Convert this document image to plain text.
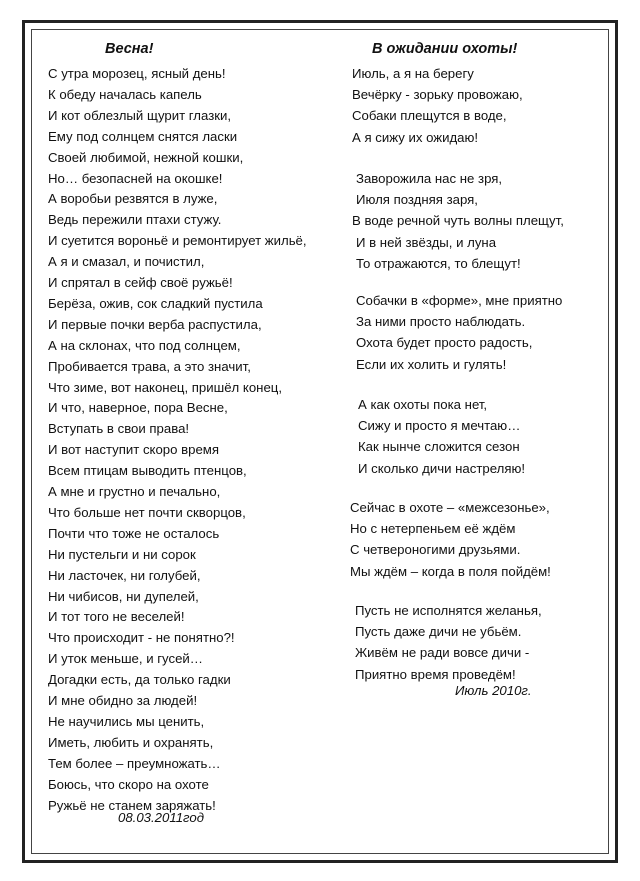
Весна!	В ожидании охоты!
С утра морозец, ясный день!
К обеду началась капель
И кот облезлый щурит глазки,
Ему под солнцем снятся ласки
Своей любимой, нежной кошки,
Но… безопасней на окошке!
А воробьи резвятся в луже,
Ведь пережили птахи стужу.
И суетится вороньё и ремонтирует жильё,
А я и смазал, и почистил,
И спрятал в сейф своё ружьё!
Берёза, ожив, сок сладкий пустила
И первые почки верба распустила,
А на склонах, что под солнцем,
Пробивается трава, а это значит,
Что зиме, вот наконец, пришёл конец,
И что, наверное, пора Весне,
Вступать в свои права!
И вот наступит скоро время
Всем птицам выводить птенцов,
А мне и грустно и печально,
Что больше нет почти скворцов,
Почти что тоже не осталось
Ни пустельги и ни сорок
Ни ласточек, ни голубей,
Ни чибисов, ни дупелей,
И тот того не веселей!
Что происходит - не понятно?!
И уток меньше, и гусей…
Догадки есть, да только гадки
И мне обидно за людей!
Не научились мы ценить,
Иметь, любить и охранять,
Тем более – преумножать…
Боюсь, что скоро на охоте
Ружьё не станем заряжать!
Июль, а я на берегу
Вечёрку - зорьку провожаю,
Собаки плещутся в воде,
А я сижу их ожидаю!
Заворожила нас не зря,
Июля поздняя заря,
В воде речной чуть волны плещут,
И в ней звёзды, и луна
То отражаются, то блещут!
Собачки в «форме», мне приятно
За ними просто наблюдать.
Охота будет просто радость,
Если их холить и гулять!
А как охоты пока нет,
Сижу и просто я мечтаю…
Как нынче сложится сезон
И сколько дичи настреляю!
Сейчас в охоте – «межсезонье»,
Но с нетерпеньем её ждём
С четвероногими друзьями.
Мы ждём – когда в поля пойдём!
Пусть не исполнятся желанья,
Пусть даже дичи не убьём.
Живём не ради вовсе дичи -
Приятно время проведём!
08.03.2011год
Июль 2010г.
